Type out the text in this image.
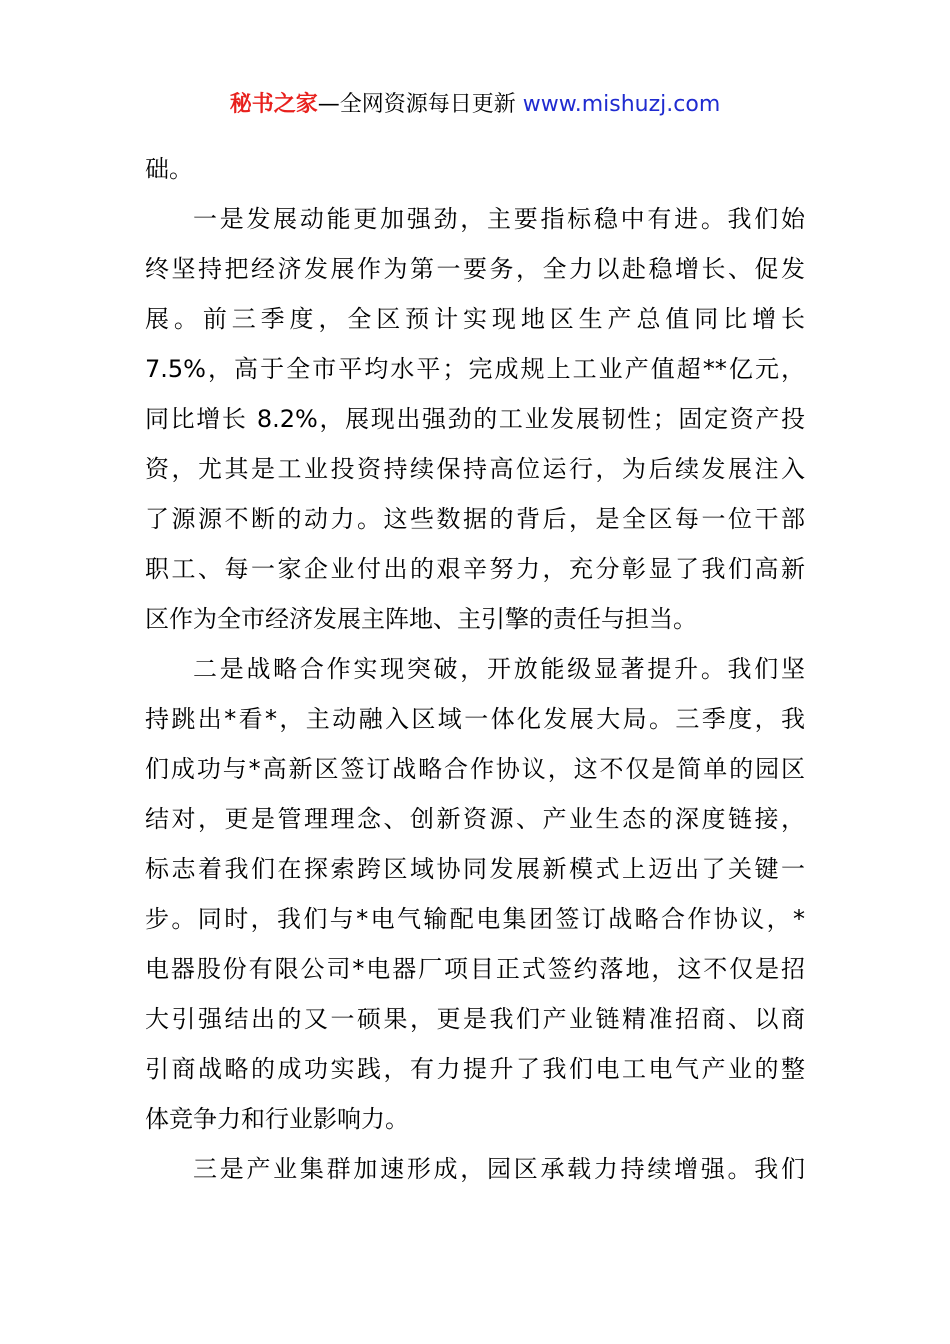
秘书之家—全网资源每日更新 www.mishuzj.com
础。
一是发展动能更加强劲，主要指标稳中有进。我们始
终坚持把经济发展作为第一要务，全力以赴稳增长、促发
展。前三季度，全区预计实现地区生产总值同比增长
7.5%，高于全市平均水平；完成规上工业产值超**亿元，
同比增长 8.2%，展现出强劲的工业发展韧性；固定资产投
资，尤其是工业投资持续保持高位运行，为后续发展注入
了源源不断的动力。这些数据的背后，是全区每一位干部
职工、每一家企业付出的艰辛努力，充分彰显了我们高新
区作为全市经济发展主阵地、主引擎的责任与担当。
二是战略合作实现突破，开放能级显著提升。我们坚
持跳出*看*，主动融入区域一体化发展大局。三季度，我
们成功与*高新区签订战略合作协议，这不仅是简单的园区
结对，更是管理理念、创新资源、产业生态的深度链接，
标志着我们在探索跨区域协同发展新模式上迈出了关键一
步。同时，我们与*电气输配电集团签订战略合作协议，*
电器股份有限公司*电器厂项目正式签约落地，这不仅是招
大引强结出的又一硕果，更是我们产业链精准招商、以商
引商战略的成功实践，有力提升了我们电工电气产业的整
体竞争力和行业影响力。
三是产业集群加速形成，园区承载力持续增强。我们
